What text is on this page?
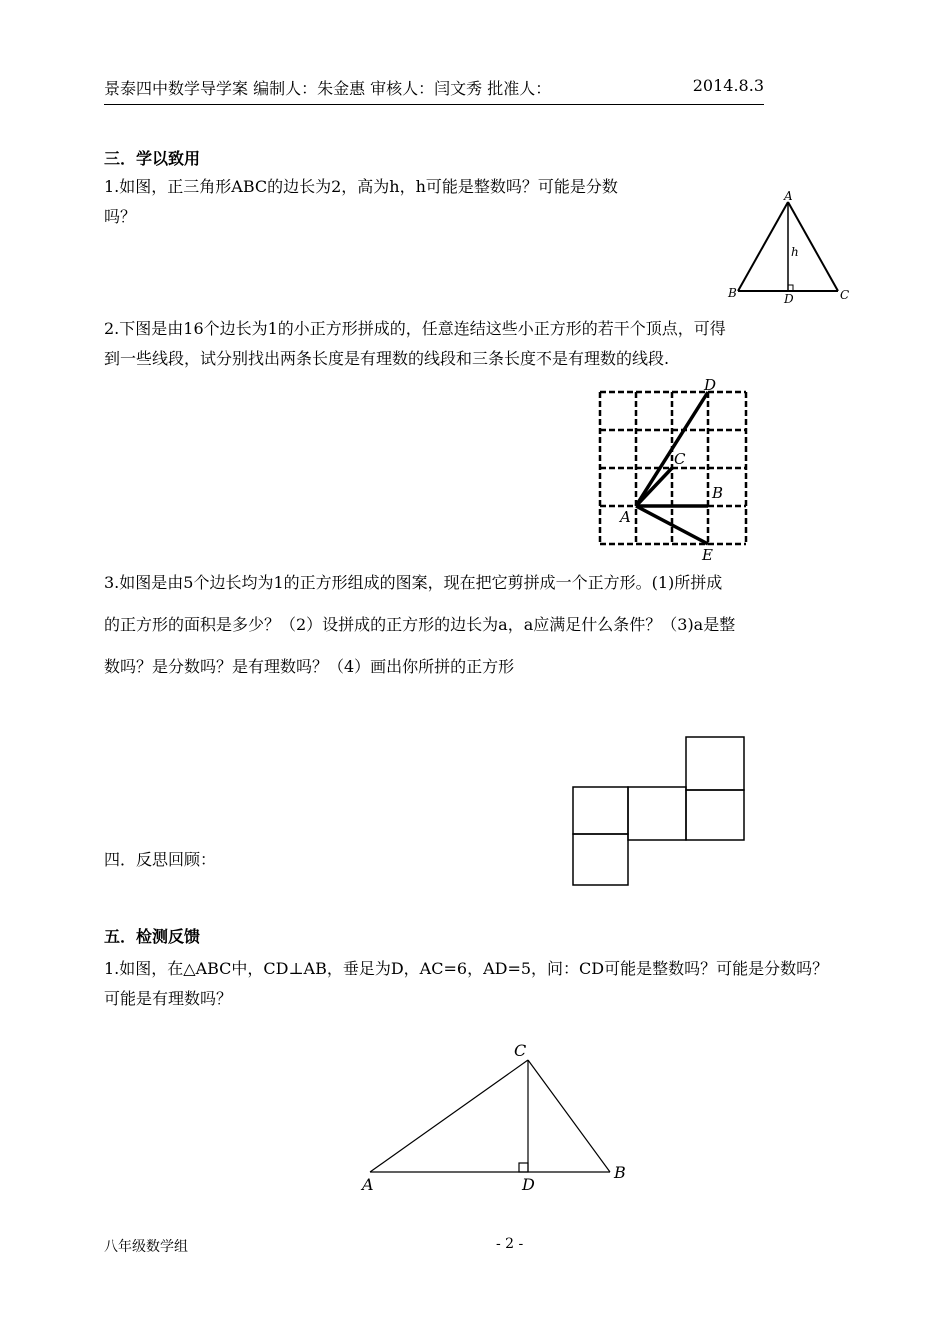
景泰四中数学导学案 编制人：朱金惠 审核人：闫文秀 批准人：	2014.8.3
三．学以致用
1.如图，正三角形ABC的边长为2，高为h，h可能是整数吗？可能是分数
吗？
A
B	C
D
h
2.下图是由16个边长为1的小正方形拼成的，任意连结这些小正方形的若干个顶点，可得
到一些线段，试分别找出两条长度是有理数的线段和三条长度不是有理数的线段.
A
B
C
D
E
3.如图是由5个边长均为1的正方形组成的图案，现在把它剪拼成一个正方形。(1)所拼成
的正方形的面积是多少？（2）设拼成的正方形的边长为a，a应满足什么条件？（3)a是整
数吗？是分数吗？是有理数吗？（4）画出你所拼的正方形
四．反思回顾：
五．检测反馈
1.如图，在△ABC中，CD⊥AB，垂足为D，AC=6，AD=5，问：CD可能是整数吗？可能是分数吗？
可能是有理数吗？
A
B
C
D
八年级数学组	- 2 -
